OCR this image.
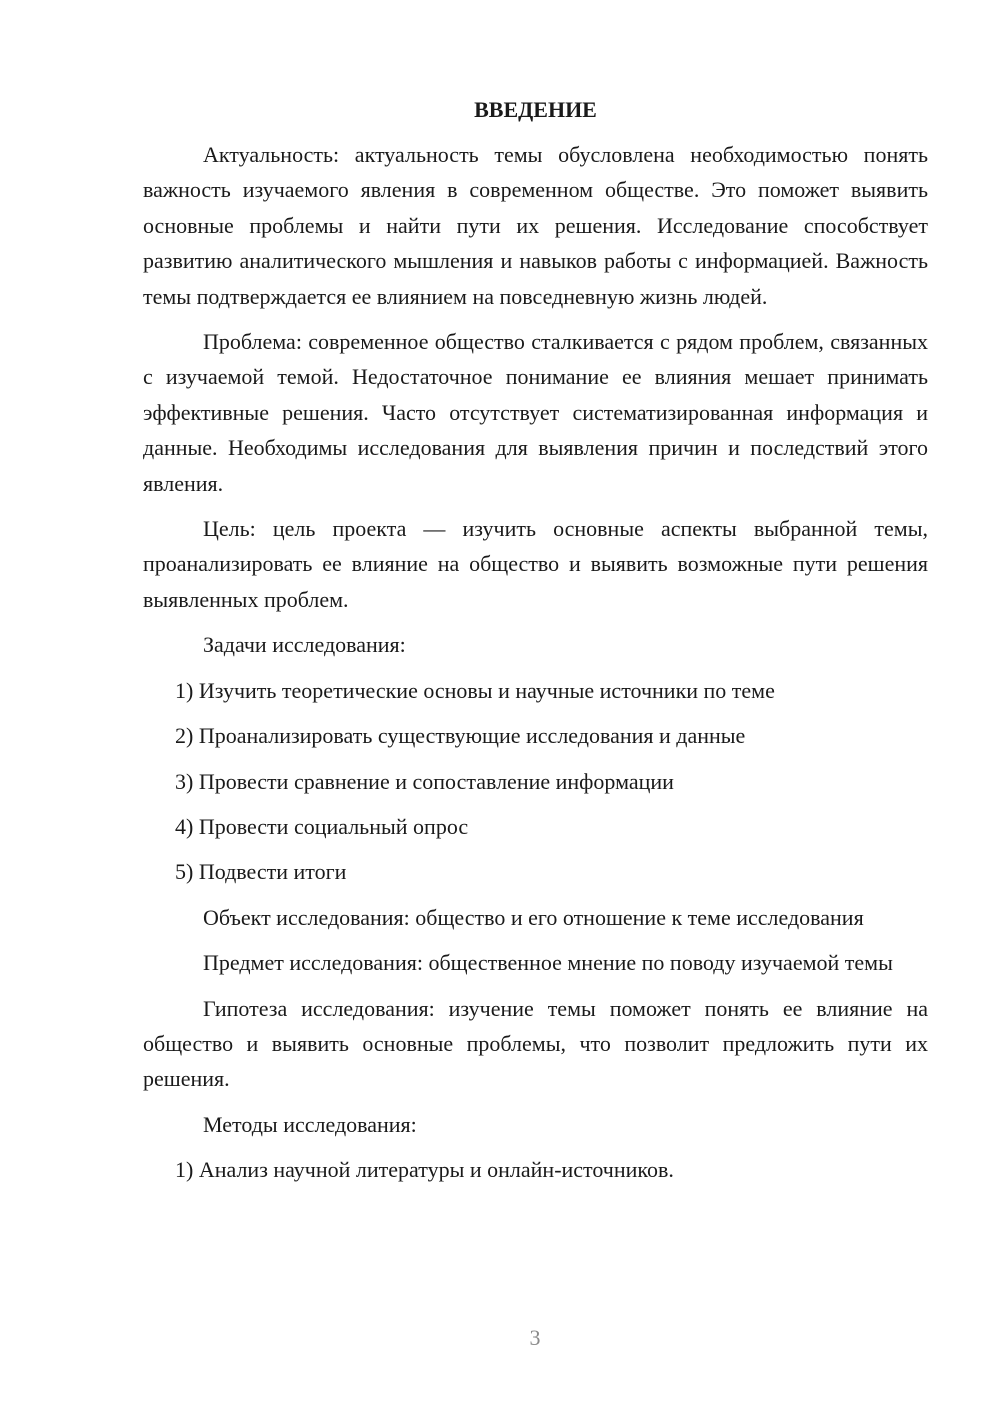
ВВЕДЕНИЕ

Актуальность: актуальность темы обусловлена необходимостью понять важность изучаемого явления в современном обществе. Это поможет выявить основные проблемы и найти пути их решения. Исследование способствует развитию аналитического мышления и навыков работы с информацией. Важность темы подтверждается ее влиянием на повседневную жизнь людей.

Проблема: современное общество сталкивается с рядом проблем, связанных с изучаемой темой. Недостаточное понимание ее влияния мешает принимать эффективные решения. Часто отсутствует систематизированная информация и данные. Необходимы исследования для выявления причин и последствий этого явления.

Цель: цель проекта — изучить основные аспекты выбранной темы, проанализировать ее влияние на общество и выявить возможные пути решения выявленных проблем.

Задачи исследования:

1) Изучить теоретические основы и научные источники по теме

2) Проанализировать существующие исследования и данные

3) Провести сравнение и сопоставление информации

4) Провести социальный опрос

5) Подвести итоги

Объект исследования: общество и его отношение к теме исследования

Предмет исследования: общественное мнение по поводу изучаемой темы

Гипотеза исследования: изучение темы поможет понять ее влияние на общество и выявить основные проблемы, что позволит предложить пути их решения.

Методы исследования:

1) Анализ научной литературы и онлайн-источников.

3
